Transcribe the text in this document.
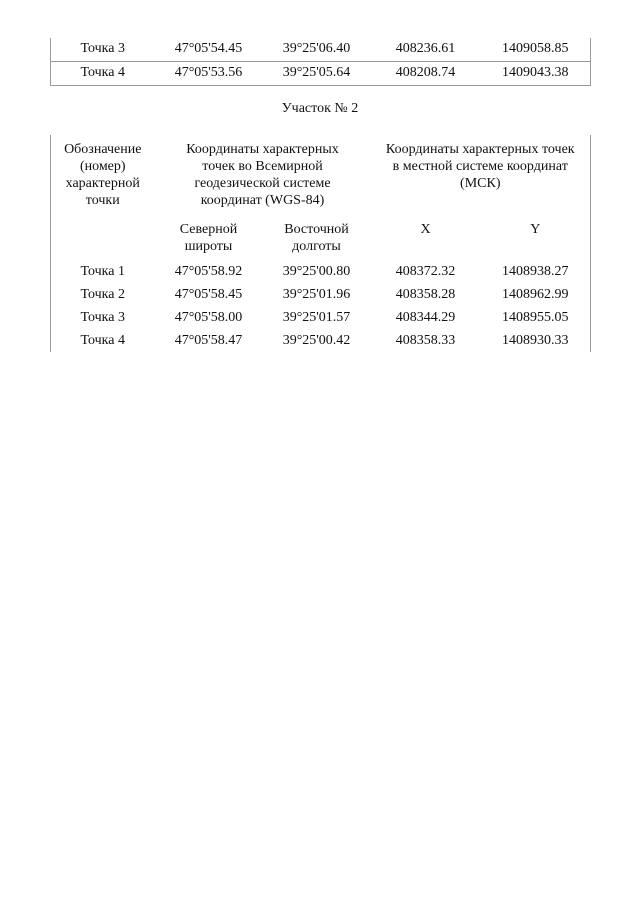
Точка 3	47°05'54.45	39°25'06.40	408236.61	1409058.85
Точка 4	47°05'53.56	39°25'05.64	408208.74	1409043.38
Участок № 2
Обозначение (номер) характерной точки	Координаты характерных точек во Всемирной геодезической системе координат (WGS-84)		Координаты характерных точек в местной системе координат (МСК)	
	Северной широты	Восточной долготы	X	Y
Точка 1	47°05'58.92	39°25'00.80	408372.32	1408938.27
Точка 2	47°05'58.45	39°25'01.96	408358.28	1408962.99
Точка 3	47°05'58.00	39°25'01.57	408344.29	1408955.05
Точка 4	47°05'58.47	39°25'00.42	408358.33	1408930.33
